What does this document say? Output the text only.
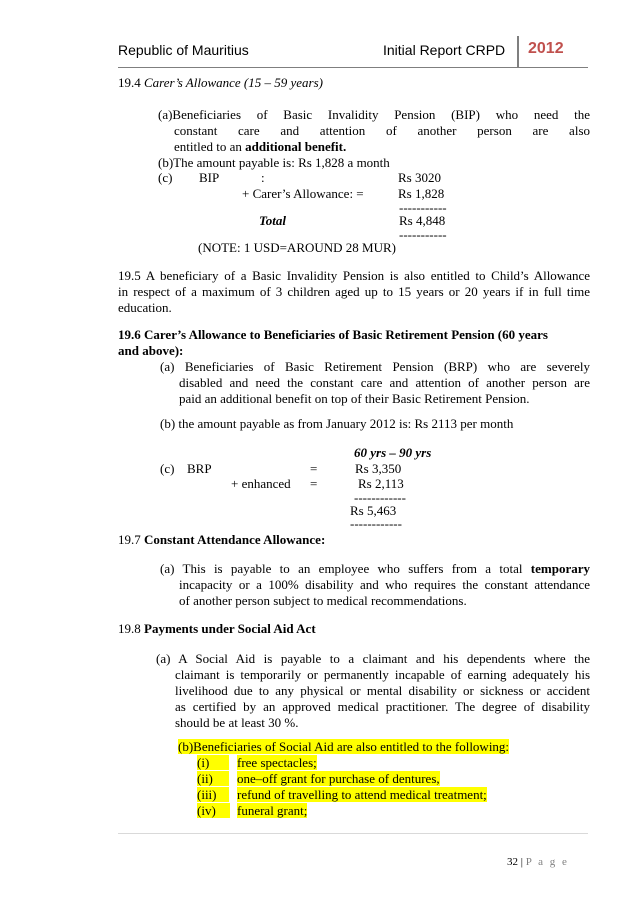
Republic of Mauritius	Initial Report CRPD 2012
19.4 Carer’s Allowance (15 – 59 years)
(a)Beneficiaries of Basic Invalidity Pension (BIP) who need the
constant care and attention of another person are also
entitled to an additional benefit.
(b)The amount payable is: Rs 1,828 a month
(c) BIP	:	Rs 3020
+ Carer’s Allowance: =	Rs 1,828
-----------
Total	Rs 4,848
-----------
(NOTE: 1 USD=AROUND 28 MUR)
19.5 A beneficiary of a Basic Invalidity Pension is also entitled to Child’s Allowance
in respect of a maximum of 3 children aged up to 15 years or 20 years if in full time
education.
19.6 Carer’s Allowance to Beneficiaries of Basic Retirement Pension (60 years
and above):
(a) Beneficiaries of Basic Retirement Pension (BRP) who are severely
disabled and need the constant care and attention of another person are
paid an additional benefit on top of their Basic Retirement Pension.
(b) the amount payable as from January 2012 is: Rs 2113 per month
60 yrs – 90 yrs
(c) BRP	=	Rs 3,350
+ enhanced =	Rs 2,113
------------
Rs 5,463
------------
19.7 Constant Attendance Allowance:
(a) This is payable to an employee who suffers from a total temporary
incapacity or a 100% disability and who requires the constant attendance
of another person subject to medical recommendations.
19.8 Payments under Social Aid Act
(a) A Social Aid is payable to a claimant and his dependents where the
claimant is temporarily or permanently incapable of earning adequately his
livelihood due to any physical or mental disability or sickness or accident
as certified by an approved medical practitioner. The degree of disability
should be at least 30 %.
(b)Beneficiaries of Social Aid are also entitled to the following:
(i)	free spectacles;
(ii)	one–off grant for purchase of dentures,
(iii)	refund of travelling to attend medical treatment;
(iv)	funeral grant;
32 | P a g e
